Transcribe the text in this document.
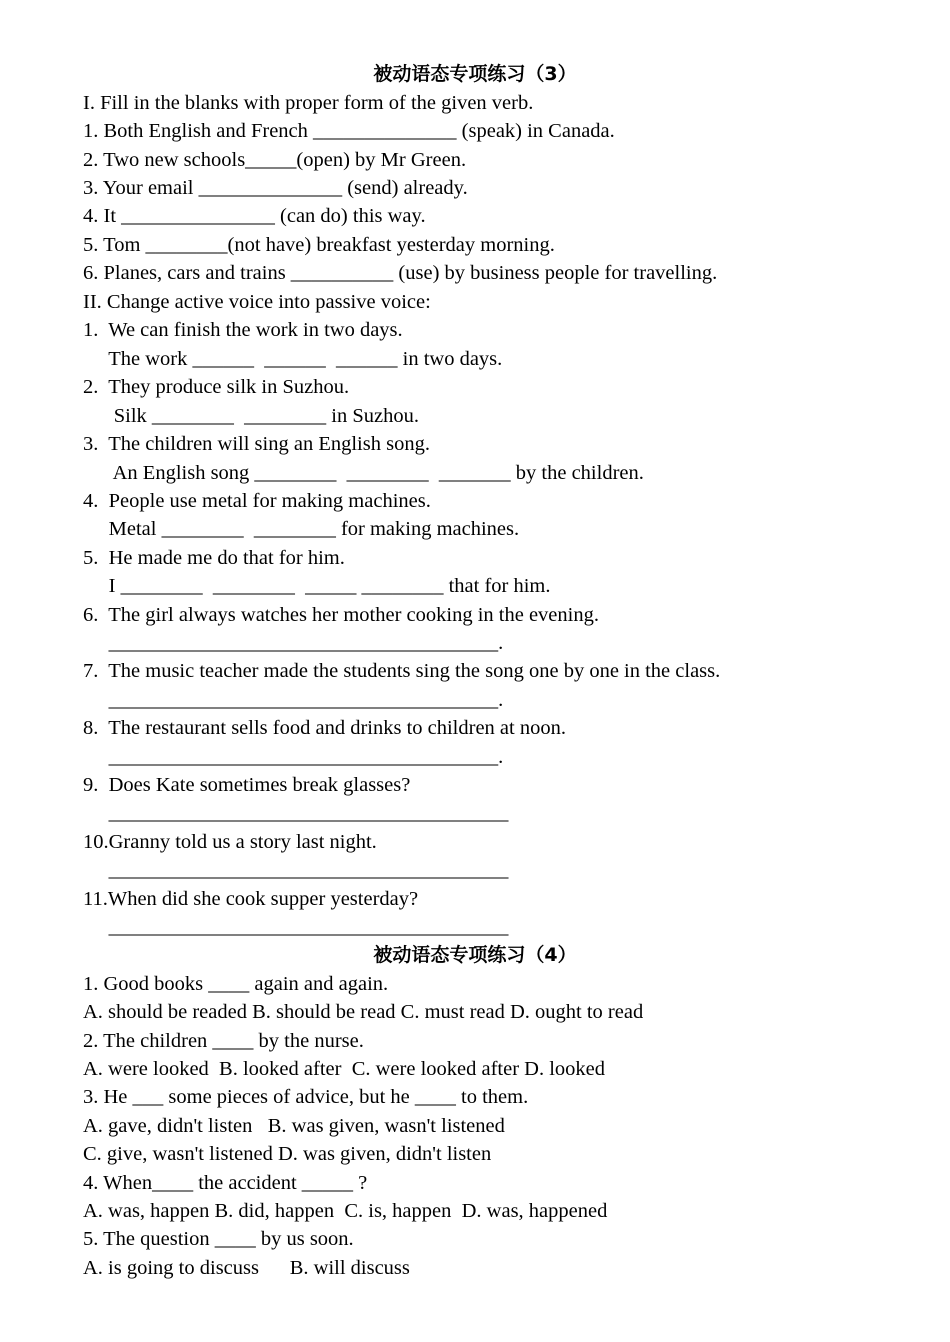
被动语态专项练习（3）
I. Fill in the blanks with proper form of the given verb.
1. Both English and French ______________ (speak) in Canada.
2. Two new schools_____(open) by Mr Green.
3. Your email ______________ (send) already.
4. It _______________ (can do) this way.
5. Tom ________(not have) breakfast yesterday morning.
6. Planes, cars and trains __________ (use) by business people for travelling.
II. Change active voice into passive voice:
1.  We can finish the work in two days.
The work ______  ______  ______ in two days.
2.  They produce silk in Suzhou.
Silk ________  ________ in Suzhou.
3.  The children will sing an English song.
An English song ________  ________  _______ by the children.
4.  People use metal for making machines.
Metal ________  ________ for making machines.
5.  He made me do that for him.
I ________  ________  _____ ________ that for him.
6.  The girl always watches her mother cooking in the evening.
______________________________________.
7.  The music teacher made the students sing the song one by one in the class.
______________________________________.
8.  The restaurant sells food and drinks to children at noon.
______________________________________.
9.  Does Kate sometimes break glasses?
_______________________________________
10.Granny told us a story last night.
_______________________________________
11.When did she cook supper yesterday?
_______________________________________
被动语态专项练习（4）
1. Good books ____ again and again.
A. should be readed B. should be read C. must read D. ought to read
2. The children ____ by the nurse.
A. were looked  B. looked after  C. were looked after D. looked
3. He ___ some pieces of advice, but he ____ to them.
A. gave, didn't listen   B. was given, wasn't listened
C. give, wasn't listened D. was given, didn't listen
4. When____ the accident _____ ?
A. was, happen B. did, happen  C. is, happen  D. was, happened
5. The question ____ by us soon.
A. is going to discuss      B. will discuss
